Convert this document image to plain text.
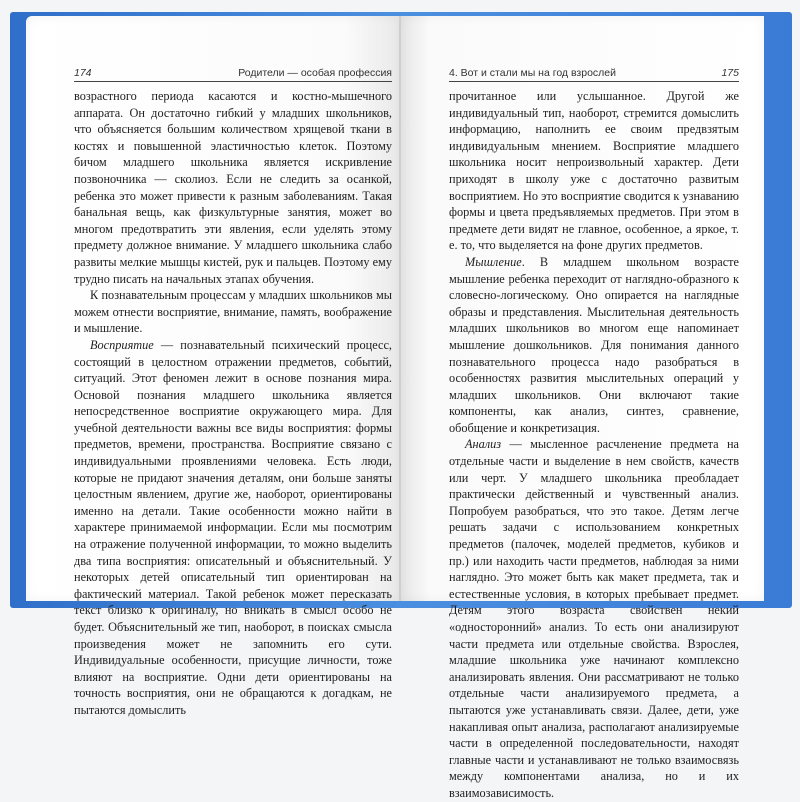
174	Родители — особая профессия

возрастного периода касаются и костно-мышечного аппарата. Он достаточно гибкий у младших школьников, что объясняется большим количеством хрящевой ткани в костях и повышенной эластичностью клеток. Поэтому бичом младшего школьника является искривление позвоночника — сколиоз. Если не следить за осанкой, ребенка это может привести к разным заболеваниям. Такая банальная вещь, как физкультурные занятия, может во многом предотвратить эти явления, если уделять этому предмету должное внимание. У младшего школьника слабо развиты мелкие мышцы кистей, рук и пальцев. Поэтому ему трудно писать на начальных этапах обучения.

К познавательным процессам у младших школьников мы можем отнести восприятие, внимание, память, воображение и мышление.

Восприятие — познавательный психический процесс, состоящий в целостном отражении предметов, событий, ситуаций. Этот феномен лежит в основе познания мира. Основой познания младшего школьника является непосредственное восприятие окружающего мира. Для учебной деятельности важны все виды восприятия: формы предметов, времени, пространства. Восприятие связано с индивидуальными проявлениями человека. Есть люди, которые не придают значения деталям, они больше заняты целостным явлением, другие же, наоборот, ориентированы именно на детали. Такие особенности можно найти в характере принимаемой информации. Если мы посмотрим на отражение полученной информации, то можно выделить два типа восприятия: описательный и объяснительный. У некоторых детей описательный тип ориентирован на фактический материал. Такой ребенок может пересказать текст близко к оригиналу, но вникать в смысл особо не будет. Объяснительный же тип, наоборот, в поисках смысла произведения может не запомнить его сути. Индивидуальные особенности, присущие личности, тоже влияют на восприятие. Одни дети ориентированы на точность восприятия, они не обращаются к догадкам, не пытаются домыслить

4. Вот и стали мы на год взрослей	175

прочитанное или услышанное. Другой же индивидуальный тип, наоборот, стремится домыслить информацию, наполнить ее своим предвзятым индивидуальным мнением. Восприятие младшего школьника носит непроизвольный характер. Дети приходят в школу уже с достаточно развитым восприятием. Но это восприятие сводится к узнаванию формы и цвета предъявляемых предметов. При этом в предмете дети видят не главное, особенное, а яркое, т. е. то, что выделяется на фоне других предметов.

Мышление. В младшем школьном возрасте мышление ребенка переходит от наглядно-образного к словесно-логическому. Оно опирается на наглядные образы и представления. Мыслительная деятельность младших школьников во многом еще напоминает мышление дошкольников. Для понимания данного познавательного процесса надо разобраться в особенностях развития мыслительных операций у младших школьников. Они включают такие компоненты, как анализ, синтез, сравнение, обобщение и конкретизация.

Анализ — мысленное расчленение предмета на отдельные части и выделение в нем свойств, качеств или черт. У младшего школьника преобладает практически действенный и чувственный анализ. Попробуем разобраться, что это такое. Детям легче решать задачи с использованием конкретных предметов (палочек, моделей предметов, кубиков и пр.) или находить части предметов, наблюдая за ними наглядно. Это может быть как макет предмета, так и естественные условия, в которых пребывает предмет. Детям этого возраста свойствен некий «односторонний» анализ. То есть они анализируют части предмета или отдельные свойства. Взрослея, младшие школьника уже начинают комплексно анализировать явления. Они рассматривают не только отдельные части анализируемого предмета, а пытаются уже устанавливать связи. Далее, дети, уже накапливая опыт анализа, располагают анализируемые части в определенной последовательности, находят главные части и устанавливают не только взаимосвязь между компонентами анализа, но и их взаимозависимость.
